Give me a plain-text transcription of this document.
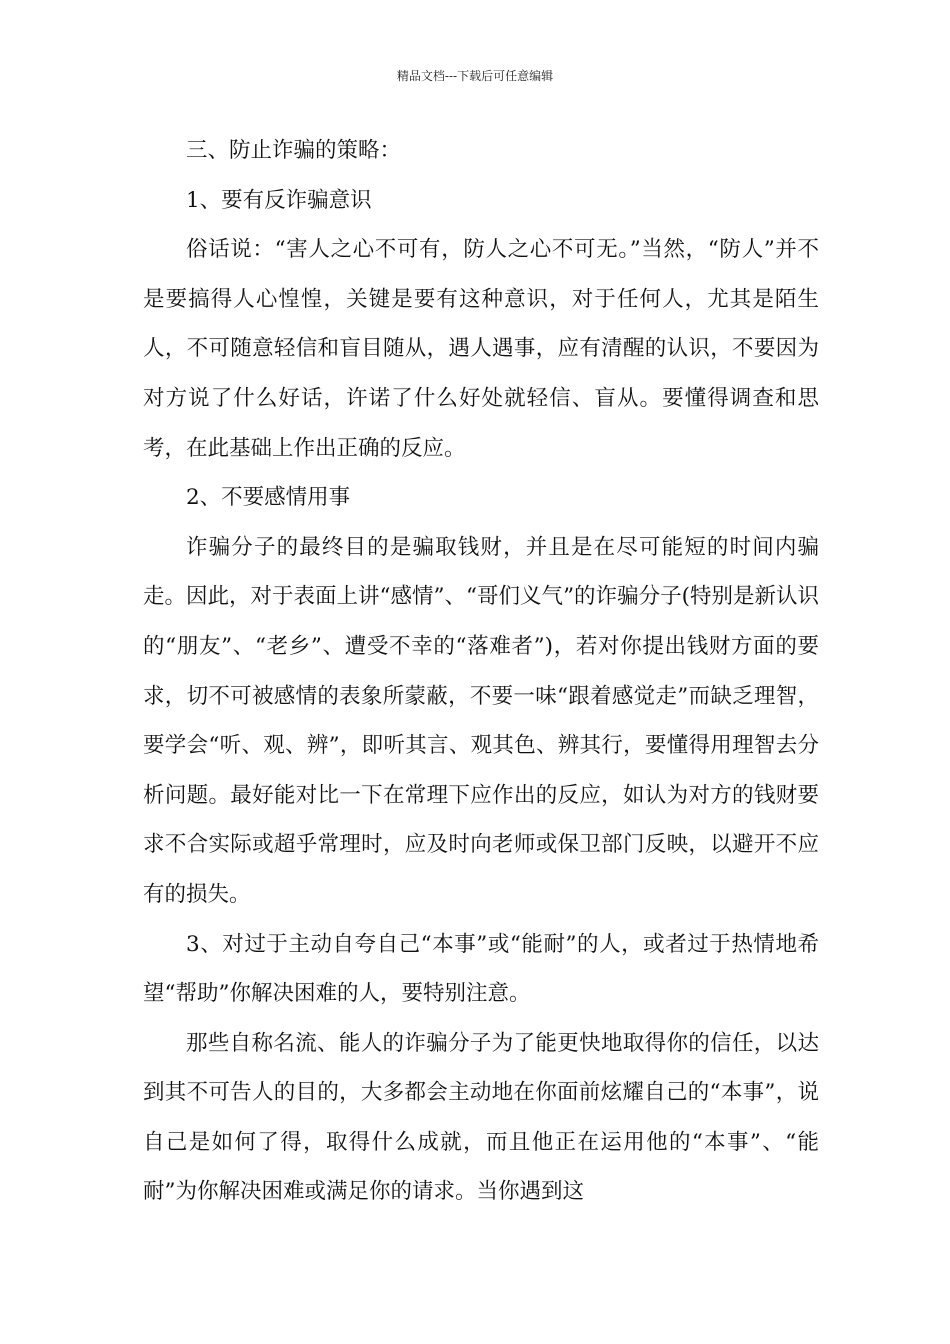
精品文档---下载后可任意编辑

三、防止诈骗的策略：

1、要有反诈骗意识

俗话说：“害人之心不可有，防人之心不可无。”当然，“防人”并不是要搞得人心惶惶，关键是要有这种意识，对于任何人，尤其是陌生人，不可随意轻信和盲目随从，遇人遇事，应有清醒的认识，不要因为对方说了什么好话，许诺了什么好处就轻信、盲从。要懂得调查和思考，在此基础上作出正确的反应。

2、不要感情用事

诈骗分子的最终目的是骗取钱财，并且是在尽可能短的时间内骗走。因此，对于表面上讲“感情”、“哥们义气”的诈骗分子(特别是新认识的“朋友”、“老乡”、遭受不幸的“落难者”)，若对你提出钱财方面的要求，切不可被感情的表象所蒙蔽，不要一味“跟着感觉走”而缺乏理智，要学会“听、观、辨”，即听其言、观其色、辨其行，要懂得用理智去分析问题。最好能对比一下在常理下应作出的反应，如认为对方的钱财要求不合实际或超乎常理时，应及时向老师或保卫部门反映，以避开不应有的损失。

3、对过于主动自夸自己“本事”或“能耐”的人，或者过于热情地希望“帮助”你解决困难的人，要特别注意。

那些自称名流、能人的诈骗分子为了能更快地取得你的信任，以达到其不可告人的目的，大多都会主动地在你面前炫耀自己的“本事”，说自己是如何了得，取得什么成就，而且他正在运用他的“本事”、“能耐”为你解决困难或满足你的请求。当你遇到这
